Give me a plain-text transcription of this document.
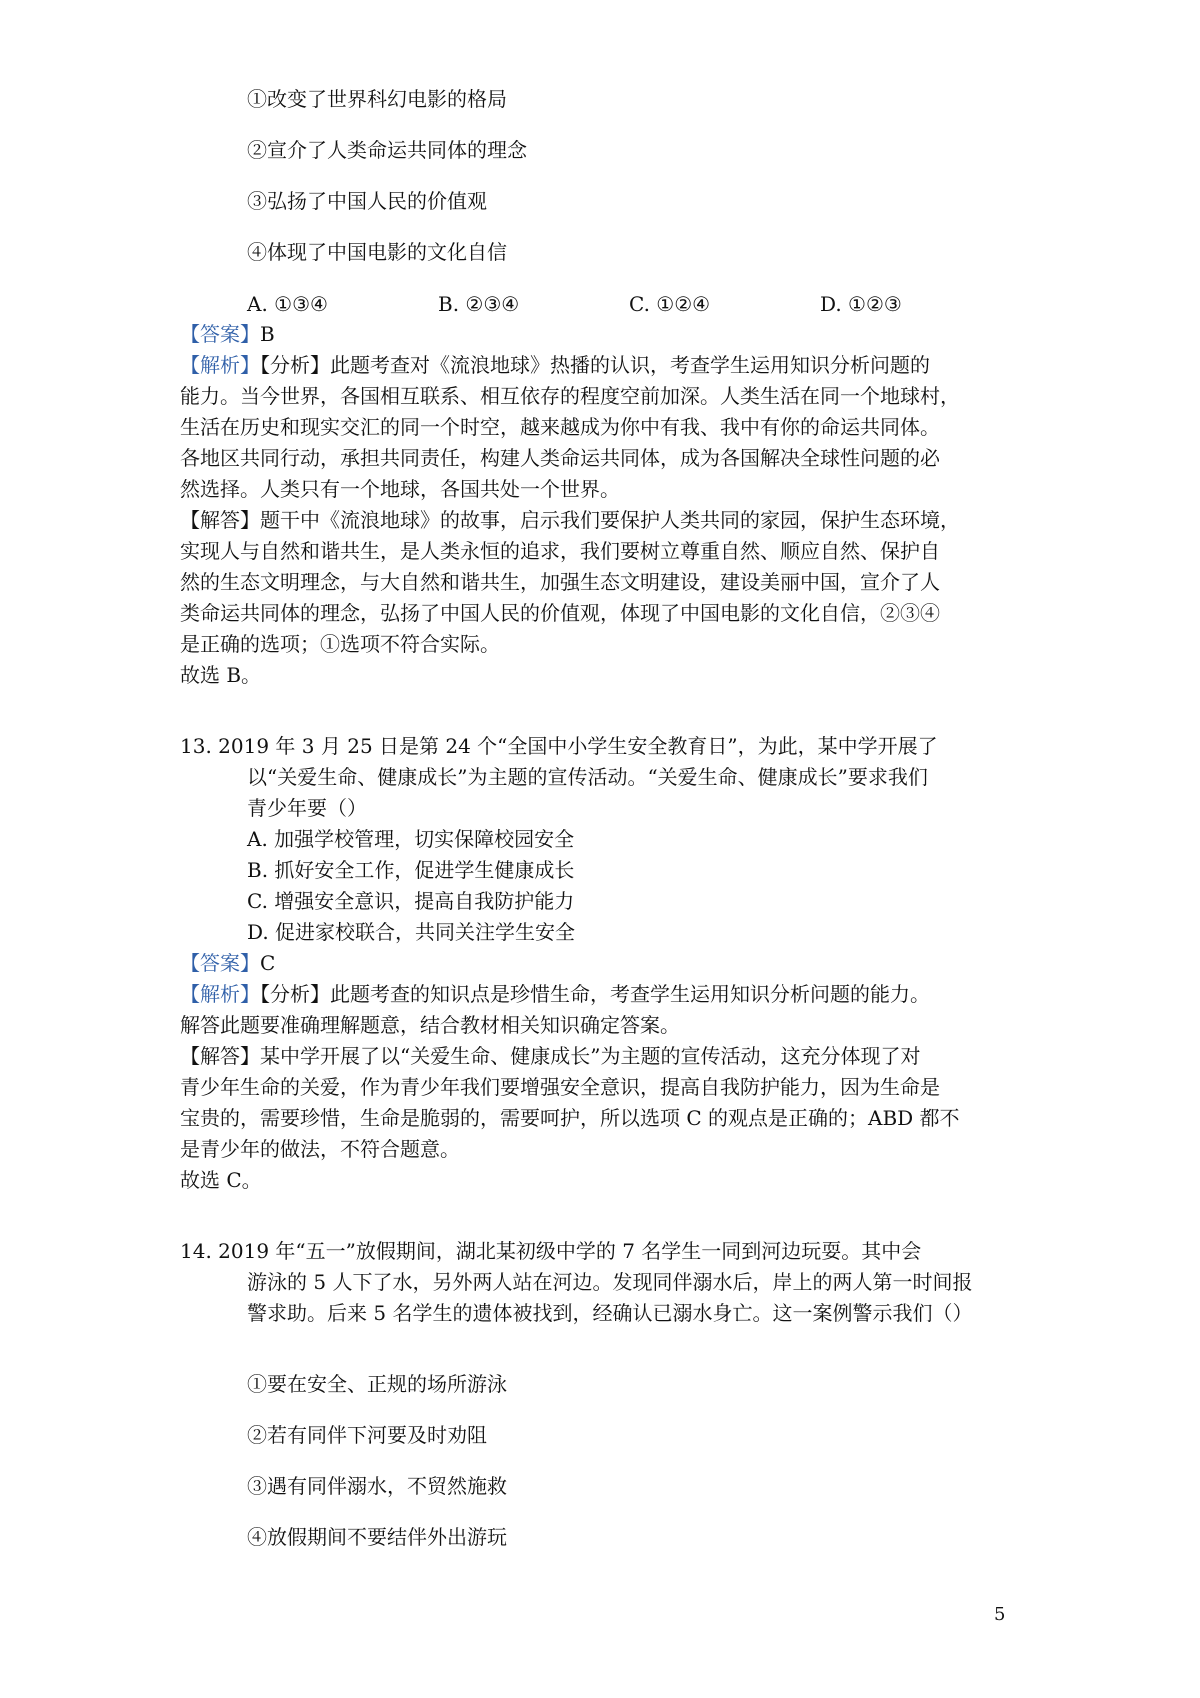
①改变了世界科幻电影的格局
②宣介了人类命运共同体的理念
③弘扬了中国人民的价值观
④体现了中国电影的文化自信
A. ①③④	B. ②③④	C. ①②④	D. ①②③
【答案】B
【解析】【分析】此题考查对《流浪地球》热播的认识，考查学生运用知识分析问题的
能力。当今世界，各国相互联系、相互依存的程度空前加深。人类生活在同一个地球村，
生活在历史和现实交汇的同一个时空，越来越成为你中有我、我中有你的命运共同体。
各地区共同行动，承担共同责任，构建人类命运共同体，成为各国解决全球性问题的必
然选择。人类只有一个地球，各国共处一个世界。
【解答】题干中《流浪地球》的故事，启示我们要保护人类共同的家园，保护生态环境，
实现人与自然和谐共生，是人类永恒的追求，我们要树立尊重自然、顺应自然、保护自
然的生态文明理念，与大自然和谐共生，加强生态文明建设，建设美丽中国，宣介了人
类命运共同体的理念，弘扬了中国人民的价值观，体现了中国电影的文化自信，②③④
是正确的选项；①选项不符合实际。
故选 B。
13. 2019 年 3 月 25 日是第 24 个“全国中小学生安全教育日”，为此，某中学开展了
以“关爱生命、健康成长”为主题的宣传活动。“关爱生命、健康成长”要求我们
青少年要（）
A. 加强学校管理，切实保障校园安全
B. 抓好安全工作，促进学生健康成长
C. 增强安全意识，提高自我防护能力
D. 促进家校联合，共同关注学生安全
【答案】C
【解析】【分析】此题考查的知识点是珍惜生命，考查学生运用知识分析问题的能力。
解答此题要准确理解题意，结合教材相关知识确定答案。
【解答】某中学开展了以“关爱生命、健康成长”为主题的宣传活动，这充分体现了对
青少年生命的关爱，作为青少年我们要增强安全意识，提高自我防护能力，因为生命是
宝贵的，需要珍惜，生命是脆弱的，需要呵护，所以选项 C 的观点是正确的；ABD 都不
是青少年的做法，不符合题意。
故选 C。
14. 2019 年“五一”放假期间，湖北某初级中学的 7 名学生一同到河边玩耍。其中会
游泳的 5 人下了水，另外两人站在河边。发现同伴溺水后，岸上的两人第一时间报
警求助。后来 5 名学生的遗体被找到，经确认已溺水身亡。这一案例警示我们（）
①要在安全、正规的场所游泳
②若有同伴下河要及时劝阻
③遇有同伴溺水，不贸然施救
④放假期间不要结伴外出游玩
5
